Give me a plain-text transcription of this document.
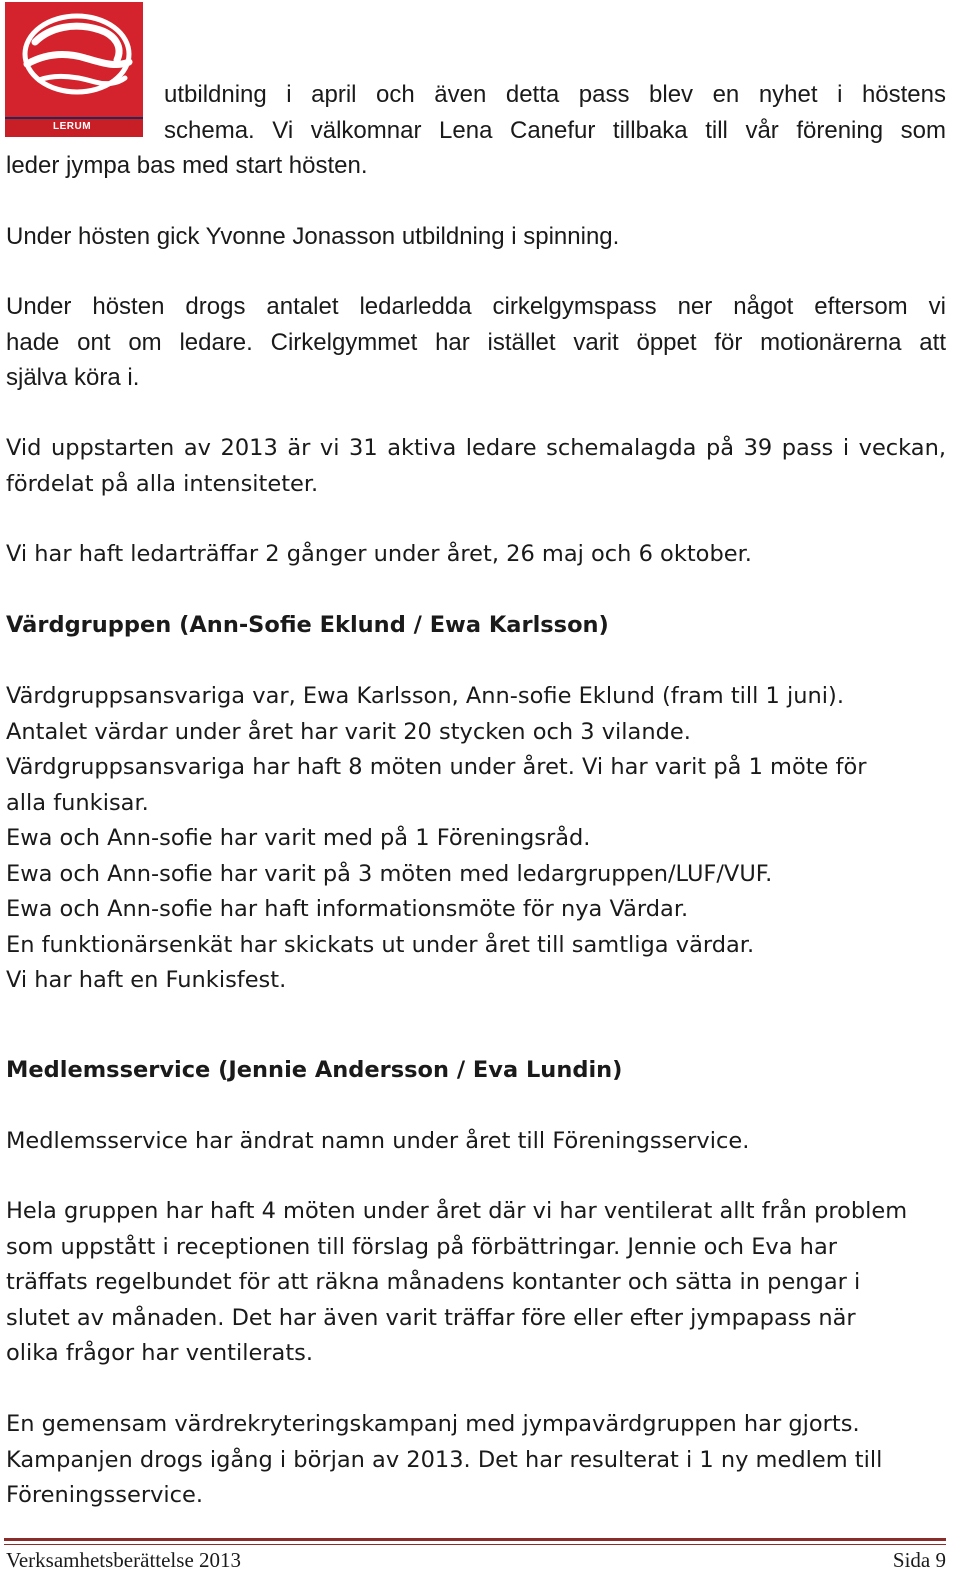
LERUM
utbildning i april och även detta pass blev en nyhet i höstens
schema. Vi välkomnar Lena Canefur tillbaka till vår förening som
leder jympa bas med start hösten.

Under hösten gick Yvonne Jonasson utbildning i spinning.

Under hösten drogs antalet ledarledda cirkelgymspass ner något eftersom vi
hade ont om ledare. Cirkelgymmet har istället varit öppet för motionärerna att
själva köra i.
Vid uppstarten av 2013 är vi 31 aktiva ledare schemalagda på 39 pass i veckan,
fördelat på alla intensiteter.

Vi har haft ledarträffar 2 gånger under året, 26 maj och 6 oktober.

Värdgruppen (Ann-Sofie Eklund / Ewa Karlsson)
Värdgruppsansvariga var, Ewa Karlsson, Ann-sofie Eklund (fram till 1 juni).
Antalet värdar under året har varit 20 stycken och 3 vilande.
Värdgruppsansvariga har haft 8 möten under året. Vi har varit på 1 möte för
alla funkisar.
Ewa och Ann-sofie har varit med på 1 Föreningsråd.
Ewa och Ann-sofie har varit på 3 möten med ledargruppen/LUF/VUF.
Ewa och Ann-sofie har haft informationsmöte för nya Värdar.
En funktionärsenkät har skickats ut under året till samtliga värdar.
Vi har haft en Funkisfest.
Medlemsservice (Jennie Andersson / Eva Lundin)

Medlemsservice har ändrat namn under året till Föreningsservice.

Hela gruppen har haft 4 möten under året där vi har ventilerat allt från problem
som uppstått i receptionen till förslag på förbättringar. Jennie och Eva har
träffats regelbundet för att räkna månadens kontanter och sätta in pengar i
slutet av månaden. Det har även varit träffar före eller efter jympapass när
olika frågor har ventilerats.
En gemensam värdrekryteringskampanj med jympavärdgruppen har gjorts.
Kampanjen drogs igång i början av 2013. Det har resulterat i 1 ny medlem till
Föreningsservice.
Verksamhetsberättelse 2013	Sida 9
